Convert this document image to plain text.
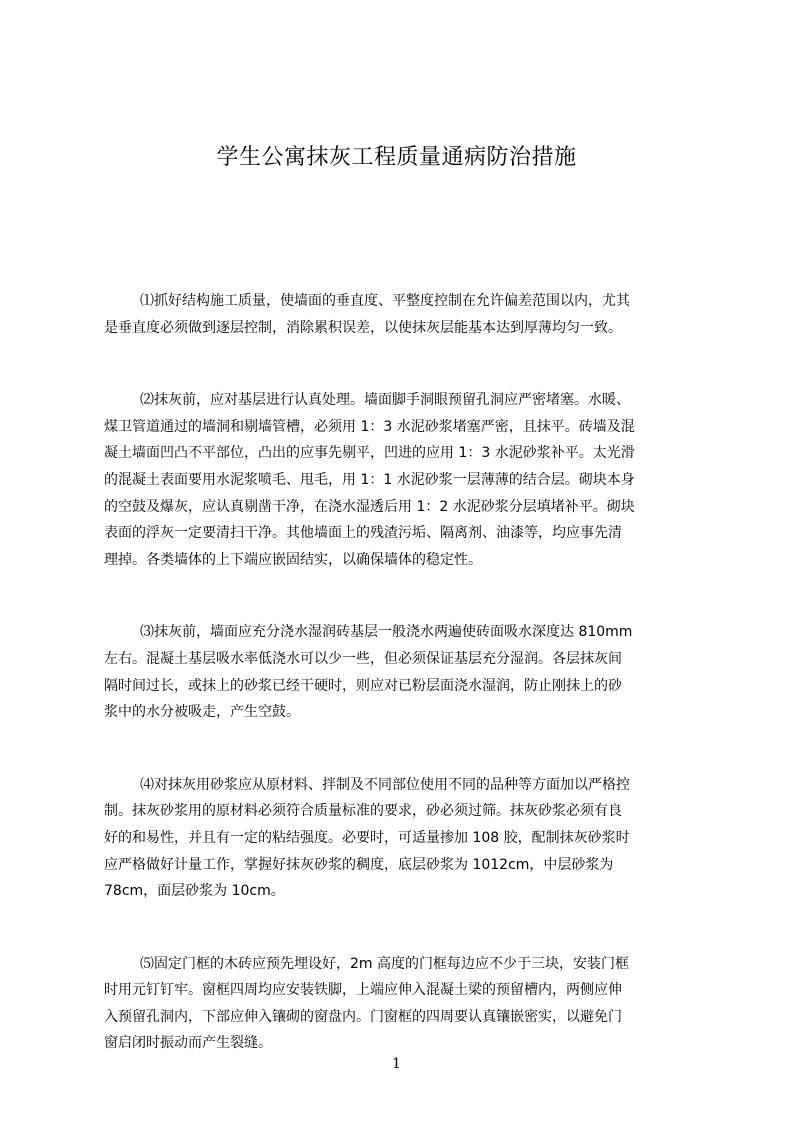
学生公寓抹灰工程质量通病防治措施

⑴抓好结构施工质量，使墙面的垂直度、平整度控制在允许偏差范围以内，尤其
是垂直度必须做到逐层控制，消除累积误差，以使抹灰层能基本达到厚薄均匀一致。

⑵抹灰前，应对基层进行认真处理。墙面脚手洞眼预留孔洞应严密堵塞。水暖、
煤卫管道通过的墙洞和剔墙管槽，必须用 1：3 水泥砂浆堵塞严密，且抹平。砖墙及混
凝土墙面凹凸不平部位，凸出的应事先剔平，凹进的应用 1：3 水泥砂浆补平。太光滑
的混凝土表面要用水泥浆喷毛、甩毛，用 1：1 水泥砂浆一层薄薄的结合层。砌块本身
的空鼓及爆灰，应认真剔凿干净，在浇水湿透后用 1：2 水泥砂浆分层填堵补平。砌块
表面的浮灰一定要清扫干净。其他墙面上的残渣污垢、隔离剂、油漆等，均应事先清
理掉。各类墙体的上下端应嵌固结实，以确保墙体的稳定性。

⑶抹灰前，墙面应充分浇水湿润砖基层一般浇水两遍使砖面吸水深度达 810mm
左右。混凝土基层吸水率低浇水可以少一些，但必须保证基层充分湿润。各层抹灰间
隔时间过长，或抹上的砂浆已经干硬时，则应对已粉层面浇水湿润，防止刚抹上的砂
浆中的水分被吸走，产生空鼓。

⑷对抹灰用砂浆应从原材料、拌制及不同部位使用不同的品种等方面加以严格控
制。抹灰砂浆用的原材料必须符合质量标准的要求，砂必须过筛。抹灰砂浆必须有良
好的和易性，并且有一定的粘结强度。必要时，可适量掺加 108 胶，配制抹灰砂浆时
应严格做好计量工作，掌握好抹灰砂浆的稠度，底层砂浆为 1012cm，中层砂浆为
78cm，面层砂浆为 10cm。

⑸固定门框的木砖应预先埋设好，2m 高度的门框每边应不少于三块，安装门框
时用元钉钉牢。窗框四周均应安装铁脚，上端应伸入混凝土梁的预留槽内，两侧应伸
入预留孔洞内，下部应伸入镶砌的窗盘内。门窗框的四周要认真镶嵌密实，以避免门
窗启闭时振动而产生裂缝。

1
